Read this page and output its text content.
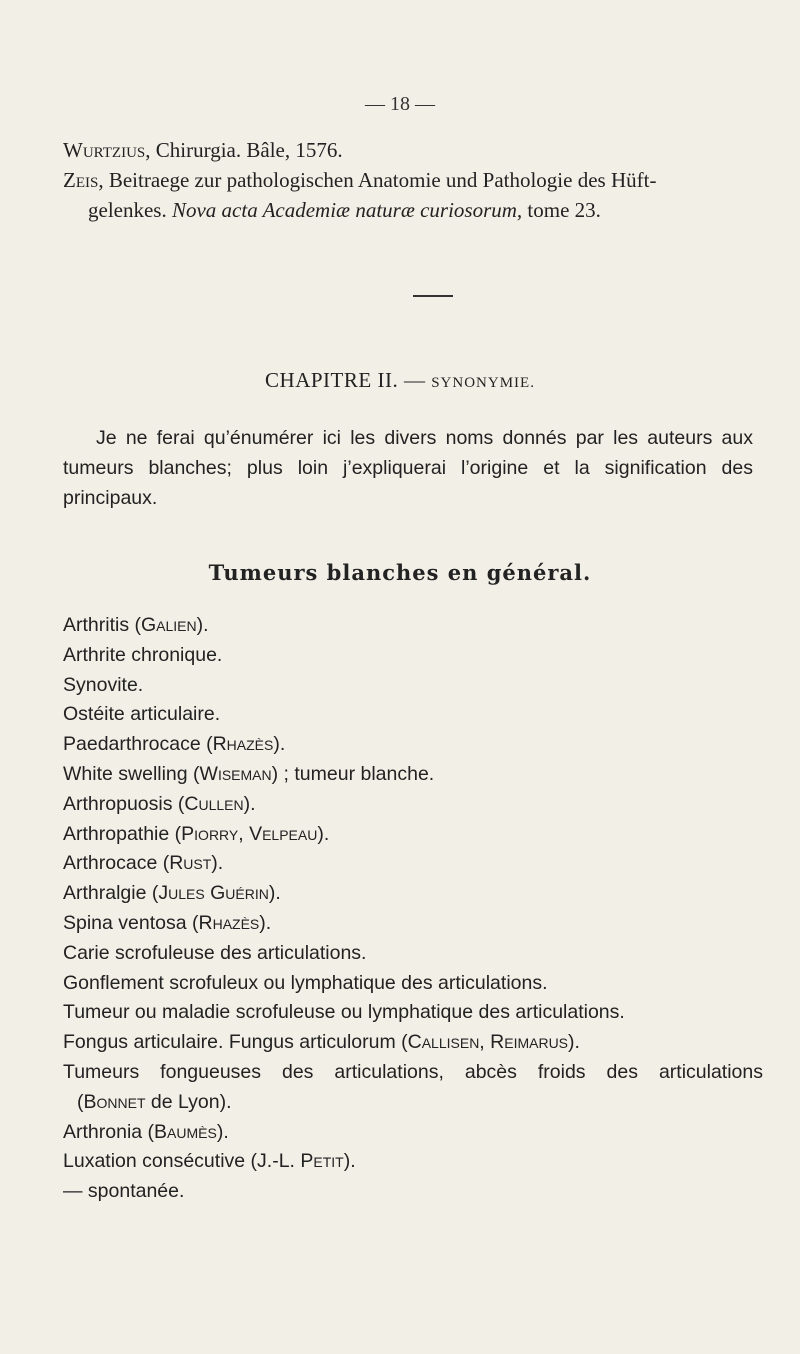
— 18 —

Wurtzius, Chirurgia. Bâle, 1576.

Zeis, Beitraege zur pathologischen Anatomie und Pathologie des Hüft-
gelenkes. Nova acta Academiæ naturæ curiosorum, tome 23.

CHAPITRE II. — SYNONYMIE.

Je ne ferai qu’énumérer ici les divers noms donnés par les auteurs aux tumeurs blanches; plus loin j’expliquerai l’origine et la signification des principaux.

Tumeurs blanches en général.
Arthritis (Galien).
Arthrite chronique.
Synovite.
Ostéite articulaire.
Paedarthrocace (Rhazès).
White swelling (Wiseman) ; tumeur blanche.
Arthropuosis (Cullen).
Arthropathie (Piorry, Velpeau).
Arthrocace (Rust).
Arthralgie (Jules Guérin).
Spina ventosa (Rhazès).
Carie scrofuleuse des articulations.
Gonflement scrofuleux ou lymphatique des articulations.
Tumeur ou maladie scrofuleuse ou lymphatique des articulations.
Fongus articulaire. Fungus articulorum (Callisen, Reimarus).
Tumeurs fongueuses des articulations, abcès froids des articulations
(Bonnet de Lyon).
Arthronia (Baumès).
Luxation consécutive (J.-L. Petit).
— spontanée.
